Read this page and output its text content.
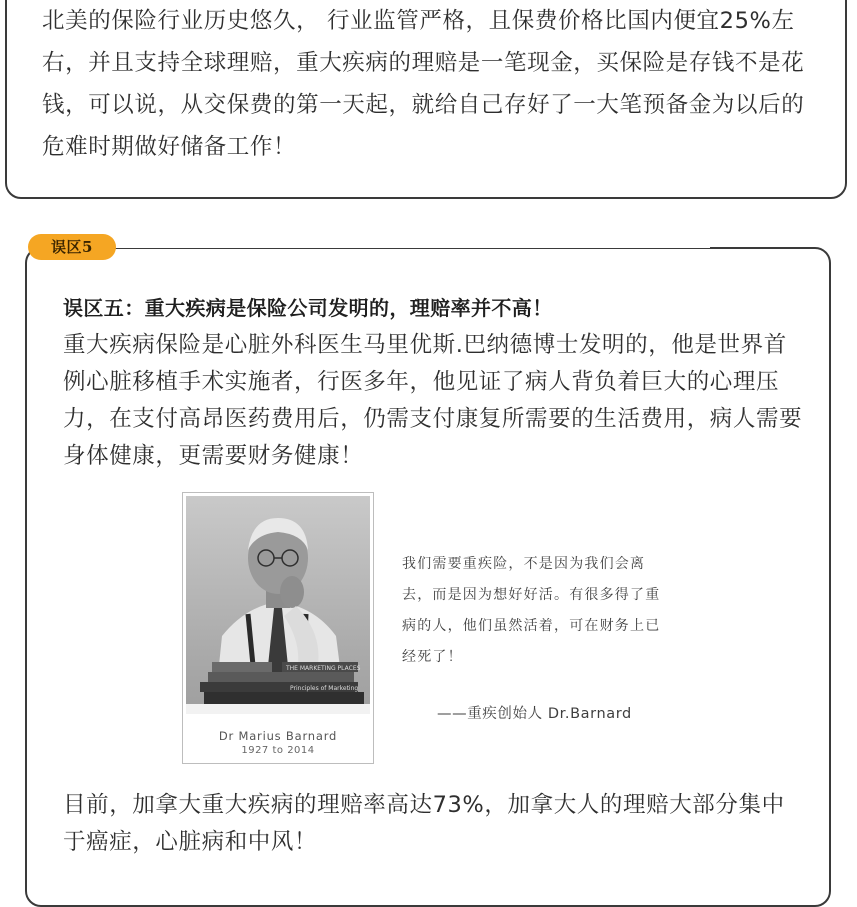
北美的保险行业历史悠久， 行业监管严格，且保费价格比国内便宜25%左右，并且支持全球理赔，重大疾病的理赔是一笔现金，买保险是存钱不是花钱，可以说，从交保费的第一天起，就给自己存好了一大笔预备金为以后的危难时期做好储备工作！

误区5
误区五：重大疾病是保险公司发明的，理赔率并不高！

重大疾病保险是心脏外科医生马里优斯.巴纳德博士发明的，他是世界首例心脏移植手术实施者，行医多年，他见证了病人背负着巨大的心理压力，在支付高昂医药费用后，仍需支付康复所需要的生活费用，病人需要身体健康，更需要财务健康！

THE MARKETING PLACES
Principles of Marketing
Dr Marius Barnard
1927 to 2014

我们需要重疾险，不是因为我们会离去，而是因为想好好活。有很多得了重病的人，他们虽然活着，可在财务上已经死了！

——重疾创始人 Dr.Barnard

目前，加拿大重大疾病的理赔率高达73%，加拿大人的理赔大部分集中于癌症，心脏病和中风！
